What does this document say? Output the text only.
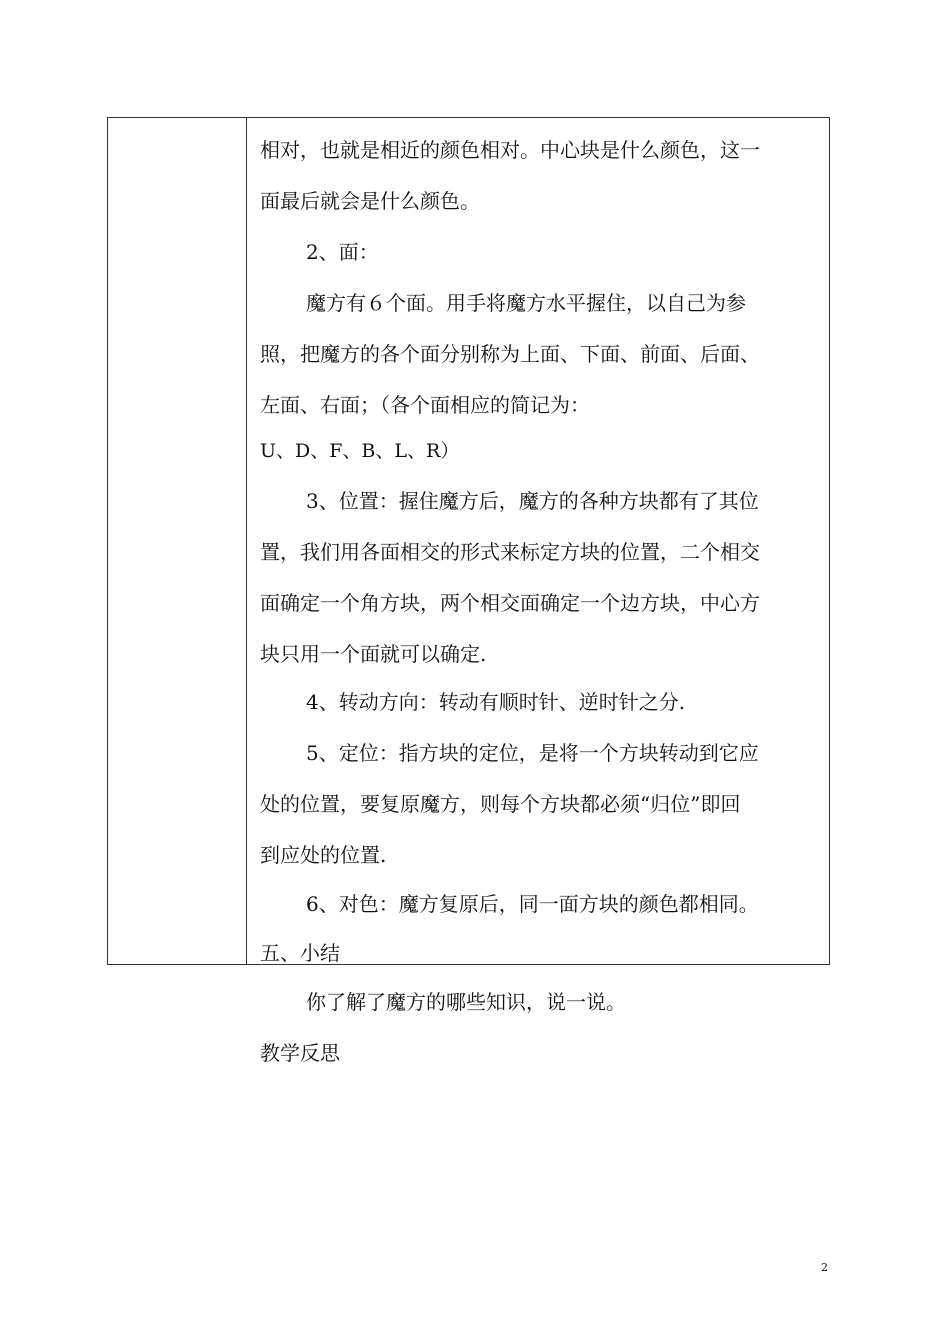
相对，也就是相近的颜色相对。中心块是什么颜色，这一
面最后就会是什么颜色。
2、面：
魔方有６个面。用手将魔方水平握住，以自己为参
照，把魔方的各个面分别称为上面、下面、前面、后面、
左面、右面；（各个面相应的简记为：
U、D、F、B、L、R）
3、位置：握住魔方后，魔方的各种方块都有了其位
置，我们用各面相交的形式来标定方块的位置，二个相交
面确定一个角方块，两个相交面确定一个边方块，中心方
块只用一个面就可以确定.
4、转动方向：转动有顺时针、逆时针之分.
5、定位：指方块的定位，是将一个方块转动到它应
处的位置，要复原魔方，则每个方块都必须“归位”即回
到应处的位置.
6、对色：魔方复原后，同一面方块的颜色都相同。
五、小结
你了解了魔方的哪些知识，说一说。
教学反思
2
